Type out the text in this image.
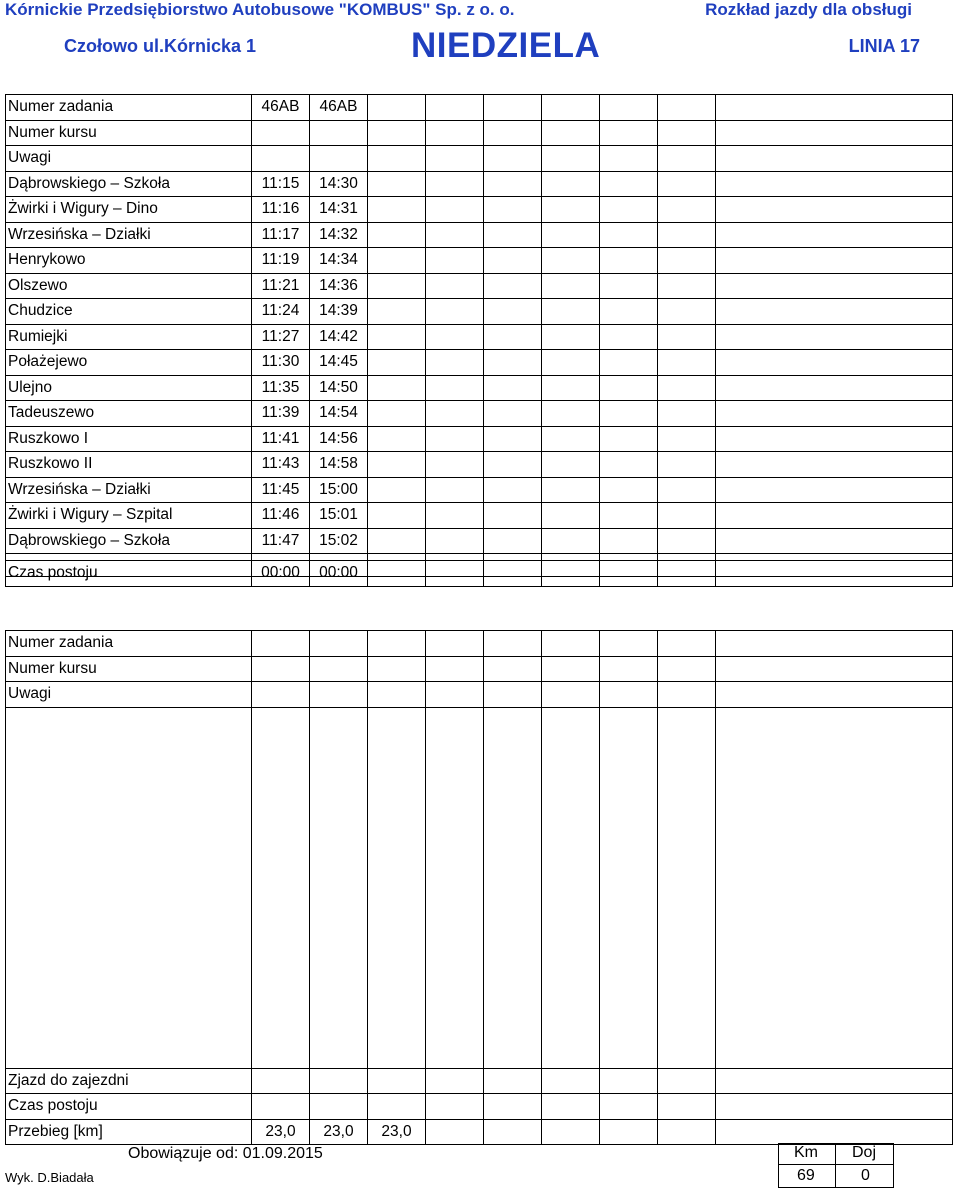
Kórnickie Przedsiębiorstwo Autobusowe "KOMBUS" Sp. z o. o.	Rozkład jazdy dla obsługi
Czołowo ul.Kórnicka 1	NIEDZIELA	LINIA 17
Numer zadania	46AB	46AB								
Numer kursu										
Uwagi										
Dąbrowskiego – Szkoła	11:15	14:30								
Żwirki i Wigury – Dino	11:16	14:31								
Wrzesińska – Działki	11:17	14:32								
Henrykowo	11:19	14:34								
Olszewo	11:21	14:36								
Chudzice	11:24	14:39								
Rumiejki	11:27	14:42								
Połażejewo	11:30	14:45								
Ulejno	11:35	14:50								
Tadeuszewo	11:39	14:54								
Ruszkowo I	11:41	14:56								
Ruszkowo II	11:43	14:58								
Wrzesińska – Działki	11:45	15:00								
Żwirki i Wigury – Szpital	11:46	15:01								
Dąbrowskiego – Szkoła	11:47	15:02								

Czas postoju	00:00	00:00							
Numer zadania										
Numer kursu										
Uwagi										

Zjazd do zajezdni										
Czas postoju										
Przebieg [km]	23,0	23,0	23,0							
Obowiązuje od: 01.09.2015
Wyk. D.Biadała
Km Doj
69	0
